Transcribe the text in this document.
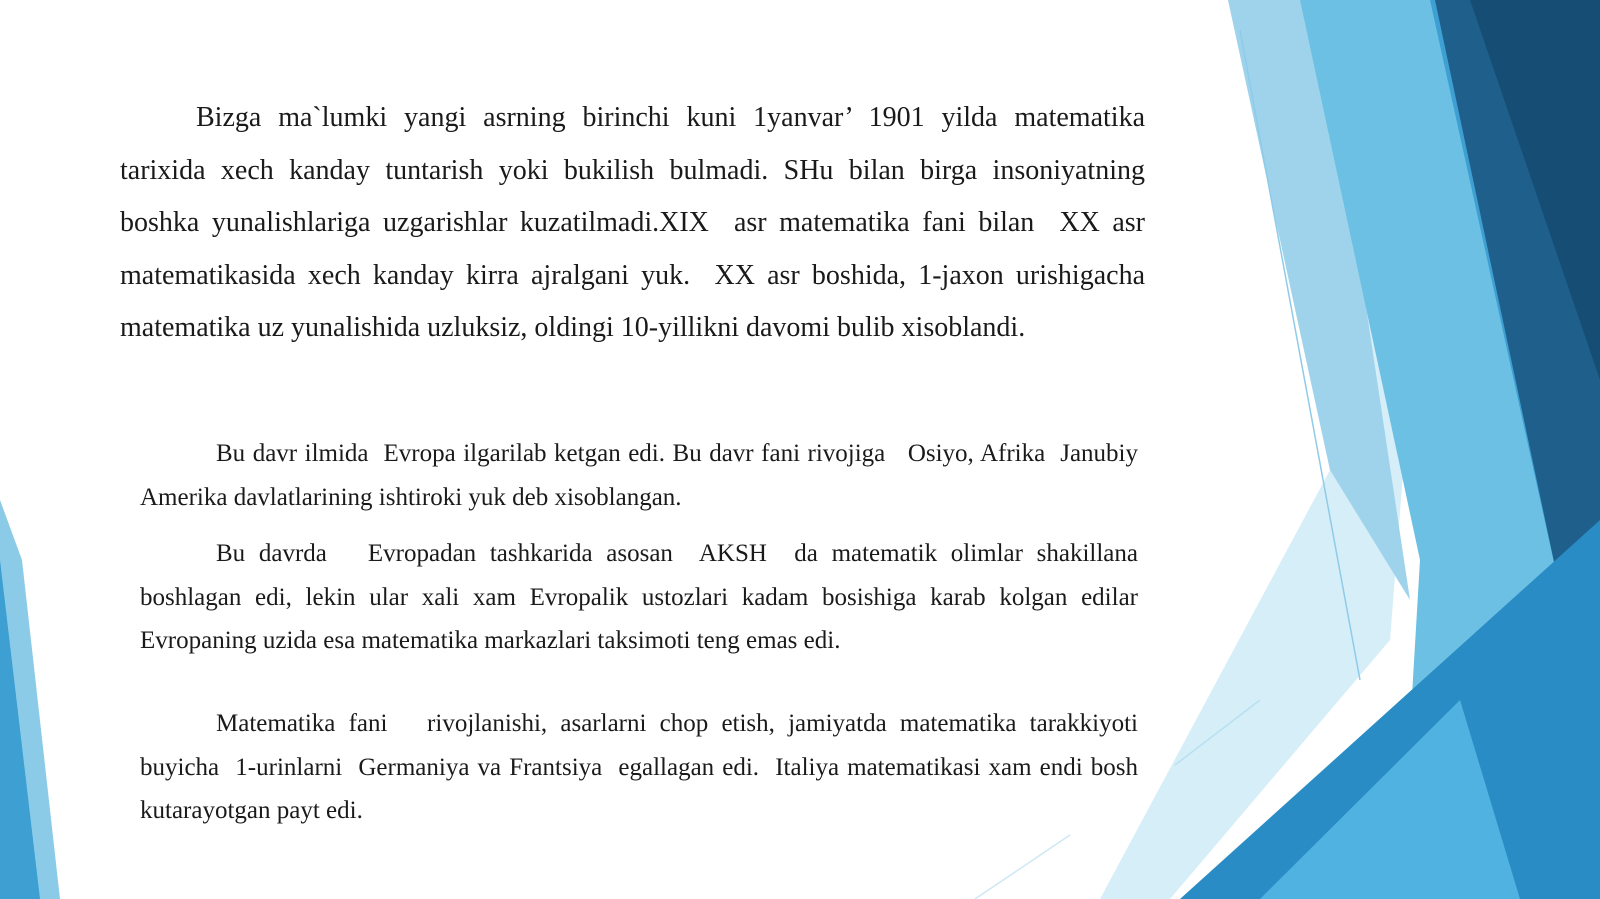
Bizga ma`lumki yangi asrning birinchi kuni 1yanvar’ 1901 yilda matematika tarixida xech kanday tuntarish yoki bukilish bulmadi. SHu bilan birga insoniyatning boshka yunalishlariga uzgarishlar kuzatilmadi.XIX  asr matematika fani bilan  XX asr matematikasida xech kanday kirra ajralgani yuk.  XX asr boshida, 1-jaxon urishigacha  matematika uz yunalishida uzluksiz, oldingi 10-yillikni davomi bulib xisoblandi.

Bu davr ilmida  Evropa ilgarilab ketgan edi. Bu davr fani rivojiga   Osiyo, Afrika  Janubiy Amerika davlatlarining ishtiroki yuk deb xisoblangan.

Bu davrda   Evropadan tashkarida asosan  AKSH  da matematik olimlar shakillana boshlagan edi, lekin ular xali xam Evropalik ustozlari kadam bosishiga karab kolgan edilar  Evropaning uzida esa matematika markazlari taksimoti teng emas edi.

Matematika fani   rivojlanishi, asarlarni chop etish, jamiyatda matematika tarakkiyoti buyicha  1-urinlarni  Germaniya va Frantsiya  egallagan edi.  Italiya matematikasi xam endi bosh kutarayotgan payt edi.
